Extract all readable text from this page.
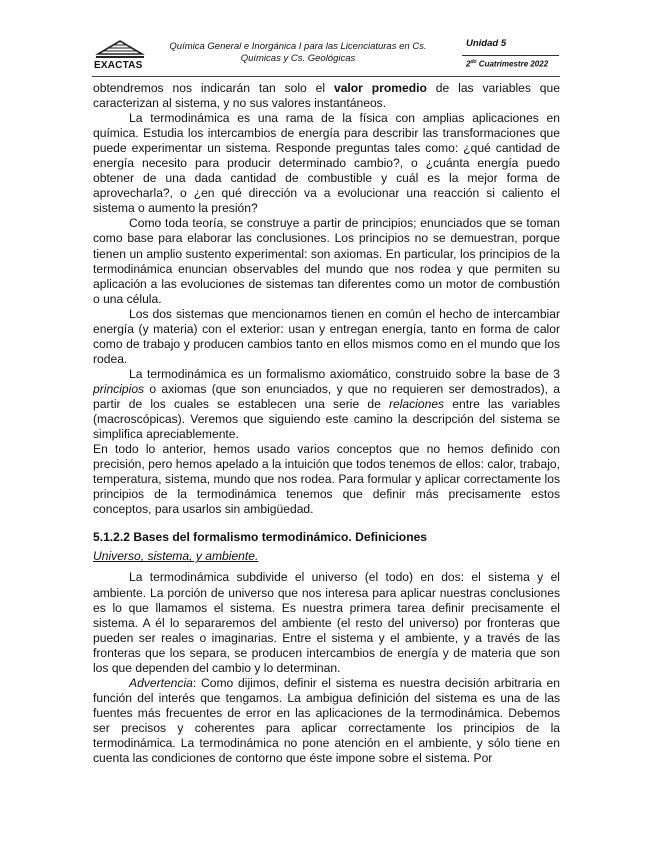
EXACTAS
Química General e Inorgánica I para las Licenciaturas en Cs.
Químicas y Cs. Geológicas
Unidad 5
$2^{do}$ Cuatrimestre 2022

obtendremos nos indicarán tan solo el valor promedio de las variables que caracterizan al sistema, y no sus valores instantáneos.

La termodinámica es una rama de la física con amplias aplicaciones en química. Estudia los intercambios de energía para describir las transformaciones que puede experimentar un sistema. Responde preguntas tales como: ¿qué cantidad de energía necesito para producir determinado cambio?, o ¿cuánta energía puedo obtener de una dada cantidad de combustible y cuál es la mejor forma de aprovecharla?, o ¿en qué dirección va a evolucionar una reacción si caliento el sistema o aumento la presión?

Como toda teoría, se construye a partir de principios; enunciados que se toman como base para elaborar las conclusiones. Los principios no se demuestran, porque tienen un amplio sustento experimental: son axiomas. En particular, los principios de la termodinámica enuncian observables del mundo que nos rodea y que permiten su aplicación a las evoluciones de sistemas tan diferentes como un motor de combustión o una célula.

Los dos sistemas que mencionamos tienen en común el hecho de intercambiar energía (y materia) con el exterior: usan y entregan energía, tanto en forma de calor como de trabajo y producen cambios tanto en ellos mismos como en el mundo que los rodea.

La termodinámica es un formalismo axiomático, construido sobre la base de 3 principios o axiomas (que son enunciados, y que no requieren ser demostrados), a partir de los cuales se establecen una serie de relaciones entre las variables (macroscópicas). Veremos que siguiendo este camino la descripción del sistema se simplifica apreciablemente.

En todo lo anterior, hemos usado varios conceptos que no hemos definido con precisión, pero hemos apelado a la intuición que todos tenemos de ellos: calor, trabajo, temperatura, sistema, mundo que nos rodea. Para formular y aplicar correctamente los principios de la termodinámica tenemos que definir más precisamente estos conceptos, para usarlos sin ambigüedad.

5.1.2.2 Bases del formalismo termodinámico. Definiciones

Universo, sistema, y ambiente.

La termodinámica subdivide el universo (el todo) en dos: el sistema y el ambiente. La porción de universo que nos interesa para aplicar nuestras conclusiones es lo que llamamos el sistema. Es nuestra primera tarea definir precisamente el sistema. A él lo separaremos del ambiente (el resto del universo) por fronteras que pueden ser reales o imaginarias. Entre el sistema y el ambiente, y a través de las fronteras que los separa, se producen intercambios de energía y de materia que son los que dependen del cambio y lo determinan.

Advertencia: Como dijimos, definir el sistema es nuestra decisión arbitraria en función del interés que tengamos. La ambigua definición del sistema es una de las fuentes más frecuentes de error en las aplicaciones de la termodinámica. Debemos ser precisos y coherentes para aplicar correctamente los principios de la termodinámica. La termodinámica no pone atención en el ambiente, y sólo tiene en cuenta las condiciones de contorno que éste impone sobre el sistema. Por
